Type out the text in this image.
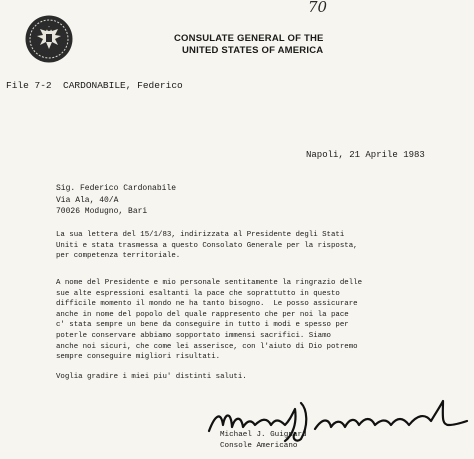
70
CONSULATE GENERAL OF THE
UNITED STATES OF AMERICA
File 7-2  CARDONABILE, Federico
Napoli, 21 Aprile 1983
Sig. Federico Cardonabile
Via Ala, 40/A
70026 Modugno, Bari
La sua lettera del 15/1/83, indirizzata al Presidente degli Stati
Uniti e stata trasmessa a questo Consolato Generale per la risposta,
per competenza territoriale.
A nome del Presidente e mio personale sentitamente la ringrazio delle
sue alte espressioni esaltanti la pace che soprattutto in questo
difficile momento il mondo ne ha tanto bisogno.  Le posso assicurare
anche in nome del popolo del quale rappresento che per noi la pace
c' stata sempre un bene da conseguire in tutto i modi e spesso per
poterle conservare abbiamo sopportato immensi sacrifici. Siamo
anche noi sicuri, che come lei asserisce, con l'aiuto di Dio potremo
sempre conseguire migliori risultati.
Voglia gradire i miei piu' distinti saluti.
Michael J. Guignard
Console Americano
